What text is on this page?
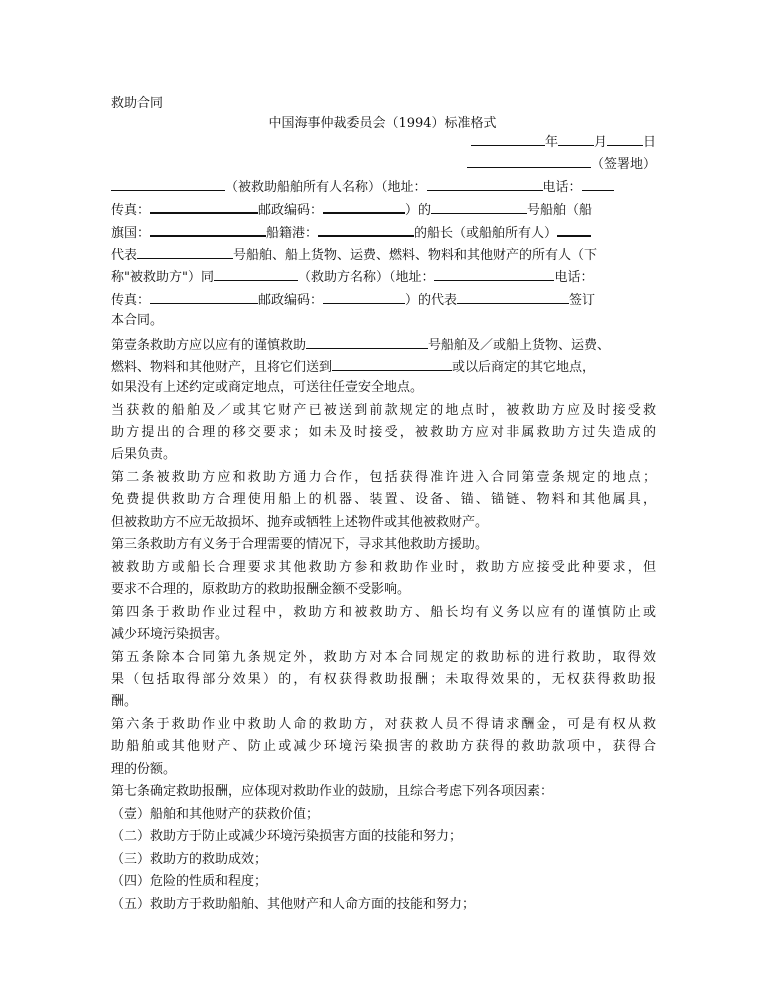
救助合同
中国海事仲裁委员会（1994）标准格式
年	月	日
（签署地）
（被救助船舶所有人名称）（地址：	电话：
传真：	邮政编码：	）的	号船舶（船
旗国：	船籍港：	的船长（或船舶所有人）
代表	号船舶、船上货物、运费、燃料、物料和其他财产的所有人（下
称"被救助方"）同	（救助方名称）（地址：	电话：
传真：	邮政编码：	）的代表	签订
本合同。
第壹条救助方应以应有的谨慎救助	号船舶及／或船上货物、运费、
燃料、物料和其他财产，且将它们送到	或以后商定的其它地点，
如果没有上述约定或商定地点，可送往任壹安全地点。
当获救的船舶及／或其它财产已被送到前款规定的地点时，被救助方应及时接受救
助方提出的合理的移交要求；如未及时接受，被救助方应对非属救助方过失造成的
后果负责。
第二条被救助方应和救助方通力合作，包括获得准许进入合同第壹条规定的地点；
免费提供救助方合理使用船上的机器、装置、设备、锚、锚链、物料和其他属具，
但被救助方不应无故损坏、抛弃或牺牲上述物件或其他被救财产。
第三条救助方有义务于合理需要的情况下，寻求其他救助方援助。
被救助方或船长合理要求其他救助方参和救助作业时，救助方应接受此种要求，但
要求不合理的，原救助方的救助报酬金额不受影响。
第四条于救助作业过程中，救助方和被救助方、船长均有义务以应有的谨慎防止或
减少环境污染损害。
第五条除本合同第九条规定外，救助方对本合同规定的救助标的进行救助，取得效
果（包括取得部分效果）的，有权获得救助报酬；未取得效果的，无权获得救助报
酬。
第六条于救助作业中救助人命的救助方，对获救人员不得请求酬金，可是有权从救
助船舶或其他财产、防止或减少环境污染损害的救助方获得的救助款项中，获得合
理的份额。
第七条确定救助报酬，应体现对救助作业的鼓励，且综合考虑下列各项因素：
（壹）船舶和其他财产的获救价值；
（二）救助方于防止或减少环境污染损害方面的技能和努力；
（三）救助方的救助成效；
（四）危险的性质和程度；
（五）救助方于救助船舶、其他财产和人命方面的技能和努力；
